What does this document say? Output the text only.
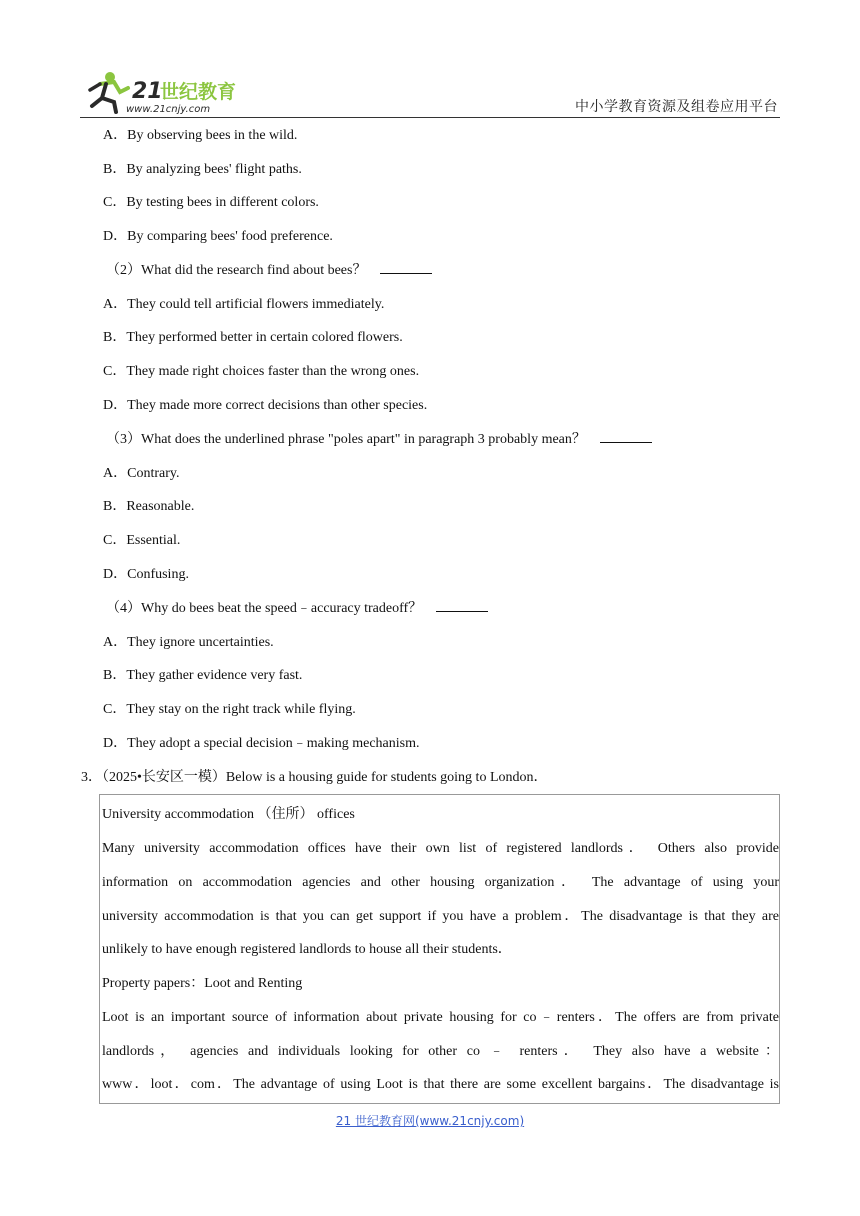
21
世纪教育
www.21cnjy.com	中小学教育资源及组卷应用平台
A．By observing bees in the wild.
B．By analyzing bees' flight paths.
C．By testing bees in different colors.
D．By comparing bees' food preference.
（2）What did the research find about bees？
A．They could tell artificial flowers immediately.
B．They performed better in certain colored flowers.
C．They made right choices faster than the wrong ones.
D．They made more correct decisions than other species.
（3）What does the underlined phrase "poles apart" in paragraph 3 probably mean？
A．Contrary.
B．Reasonable.
C．Essential.
D．Confusing.
（4）Why do bees beat the speed﹣accuracy tradeoff？
A．They ignore uncertainties.
B．They gather evidence very fast.
C．They stay on the right track while flying.
D．They adopt a special decision﹣making mechanism.
3．（2025•长安区一模）Below is a housing guide for students going to London．
University accommodation （住所） offices
Many university accommodation offices have their own list of registered landlords． Others also provide
information on accommodation agencies and other housing organization． The advantage of using your
university accommodation is that you can get support if you have a problem．The disadvantage is that they are
unlikely to have enough registered landlords to house all their students．
Property papers：Loot and Renting
Loot is an important source of information about private housing for co﹣renters．The offers are from private
landlords， agencies and individuals looking for other co ﹣ renters． They also have a website：
www．loot．com．The advantage of using Loot is that there are some excellent bargains．The disadvantage is
21 世纪教育网(www.21cnjy.com)
